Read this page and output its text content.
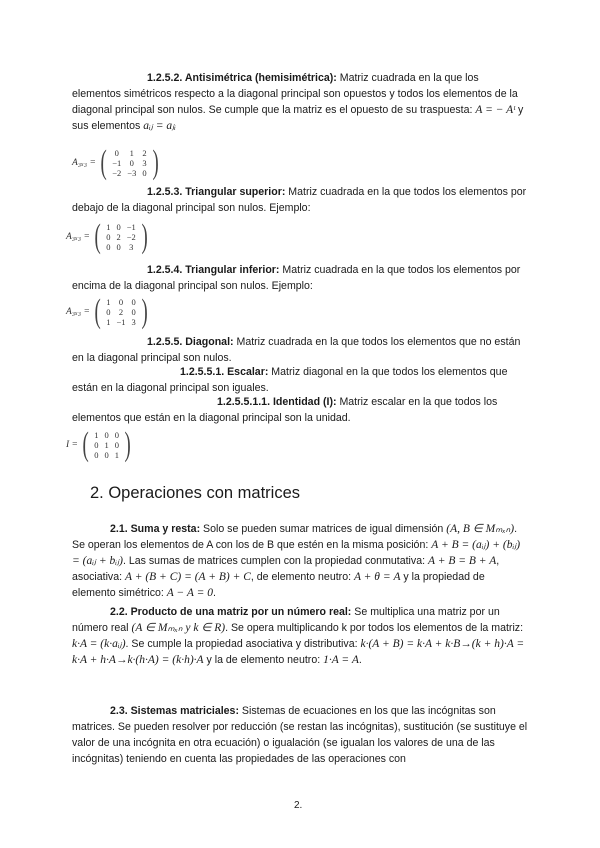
1.2.5.2. Antisimétrica (hemisimétrica): Matriz cuadrada en la que los elementos simétricos respecto a la diagonal principal son opuestos y todos los elementos de la diagonal principal son nulos. Se cumple que la matriz es el opuesto de su traspuesta: A = − Aᵗ y sus elementos aᵢⱼ = aⱼᵢ

A₃ₓ₃ = ( 0	1	2
−1	0	3
−2	−3	0 )

1.2.5.3. Triangular superior: Matriz cuadrada en la que todos los elementos por debajo de la diagonal principal son nulos. Ejemplo:

A₃ₓ₃ = ( 1	0	−1
0	2	−2
0	0	3 )

1.2.5.4. Triangular inferior: Matriz cuadrada en la que todos los elementos por encima de la diagonal principal son nulos. Ejemplo:

A₃ₓ₃ = ( 1	0	0
0	2	0
1	−1	3 )

1.2.5.5. Diagonal: Matriz cuadrada en la que todos los elementos que no están en la diagonal principal son nulos.

1.2.5.5.1. Escalar: Matriz diagonal en la que todos los elementos que están en la diagonal principal son iguales.

1.2.5.5.1.1. Identidad (I): Matriz escalar en la que todos los elementos que están en la diagonal principal son la unidad.

I = ( 1	0	0
0	1	0
0	0	1 )
2. Operaciones con matrices

2.1. Suma y resta: Solo se pueden sumar matrices de igual dimensión (A, B ∈ Mₘₓₙ). Se operan los elementos de A con los de B que estén en la misma posición: A + B = (aᵢⱼ) + (bᵢⱼ) = (aᵢⱼ + bᵢⱼ). Las sumas de matrices cumplen con la propiedad conmutativa: A + B = B + A, asociativa: A + (B + C) = (A + B) + C, de elemento neutro: A + θ = A y la propiedad de elemento simétrico: A − A = 0.

2.2. Producto de una matriz por un número real: Se multiplica una matriz por un número real (A ∈ Mₘₓₙ y k ∈ R). Se opera multiplicando k por todos los elementos de la matriz: k·A = (k·aᵢⱼ). Se cumple la propiedad asociativa y distributiva: k·(A + B) = k·A + k·B→(k + h)·A = k·A + h·A→k·(h·A) = (k·h)·A y la de elemento neutro: 1·A = A.

2.3. Sistemas matriciales: Sistemas de ecuaciones en los que las incógnitas son matrices. Se pueden resolver por reducción (se restan las incógnitas), sustitución (se sustituye el valor de una incógnita en otra ecuación) o igualación (se igualan los valores de una de las incógnitas) teniendo en cuenta las propiedades de las operaciones con

2.
